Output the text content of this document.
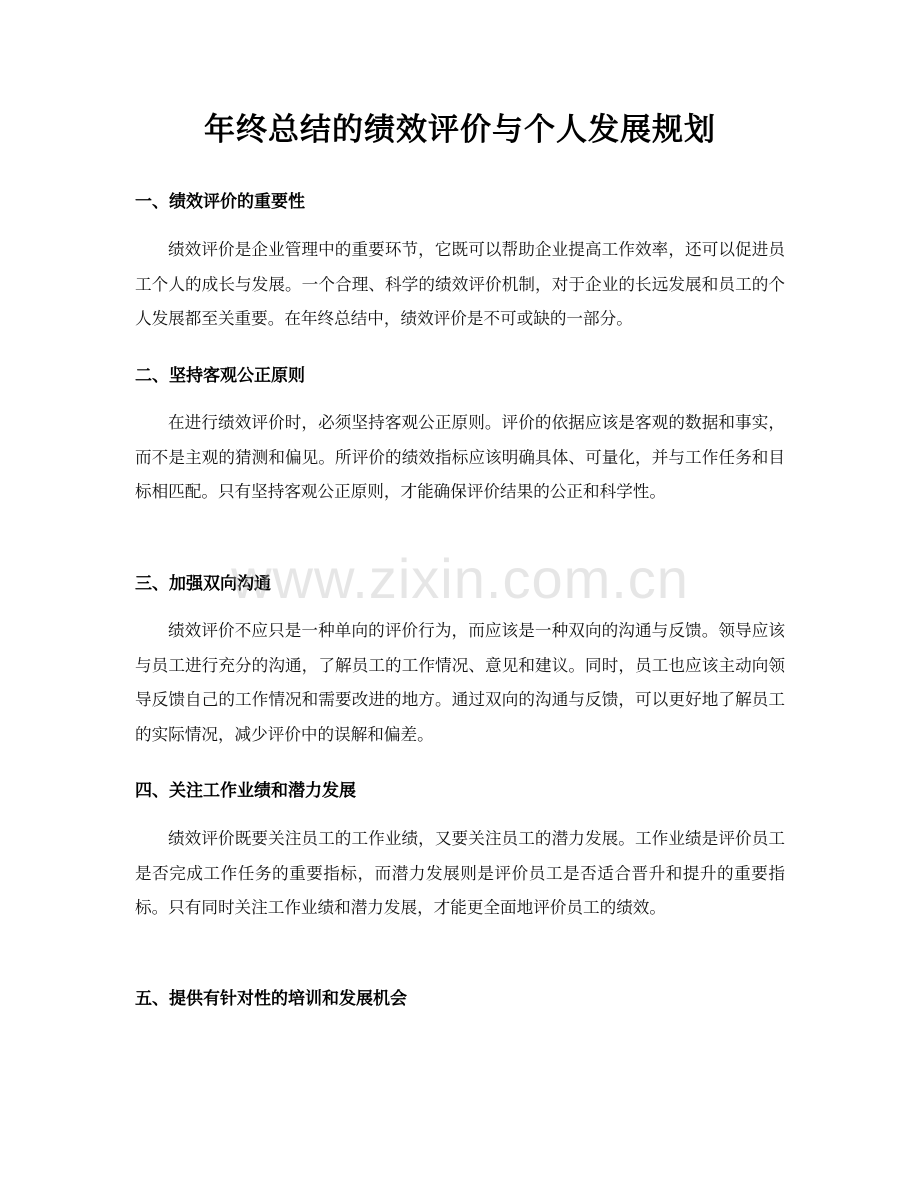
年终总结的绩效评价与个人发展规划
一、绩效评价的重要性
绩效评价是企业管理中的重要环节，它既可以帮助企业提高工作效率，还可以促进员工个人的成长与发展。一个合理、科学的绩效评价机制，对于企业的长远发展和员工的个人发展都至关重要。在年终总结中，绩效评价是不可或缺的一部分。
二、坚持客观公正原则
在进行绩效评价时，必须坚持客观公正原则。评价的依据应该是客观的数据和事实，而不是主观的猜测和偏见。所评价的绩效指标应该明确具体、可量化，并与工作任务和目标相匹配。只有坚持客观公正原则，才能确保评价结果的公正和科学性。
三、加强双向沟通
绩效评价不应只是一种单向的评价行为，而应该是一种双向的沟通与反馈。领导应该与员工进行充分的沟通，了解员工的工作情况、意见和建议。同时，员工也应该主动向领导反馈自己的工作情况和需要改进的地方。通过双向的沟通与反馈，可以更好地了解员工的实际情况，减少评价中的误解和偏差。
四、关注工作业绩和潜力发展
绩效评价既要关注员工的工作业绩，又要关注员工的潜力发展。工作业绩是评价员工是否完成工作任务的重要指标，而潜力发展则是评价员工是否适合晋升和提升的重要指标。只有同时关注工作业绩和潜力发展，才能更全面地评价员工的绩效。
五、提供有针对性的培训和发展机会
www.zixin.com.cn
